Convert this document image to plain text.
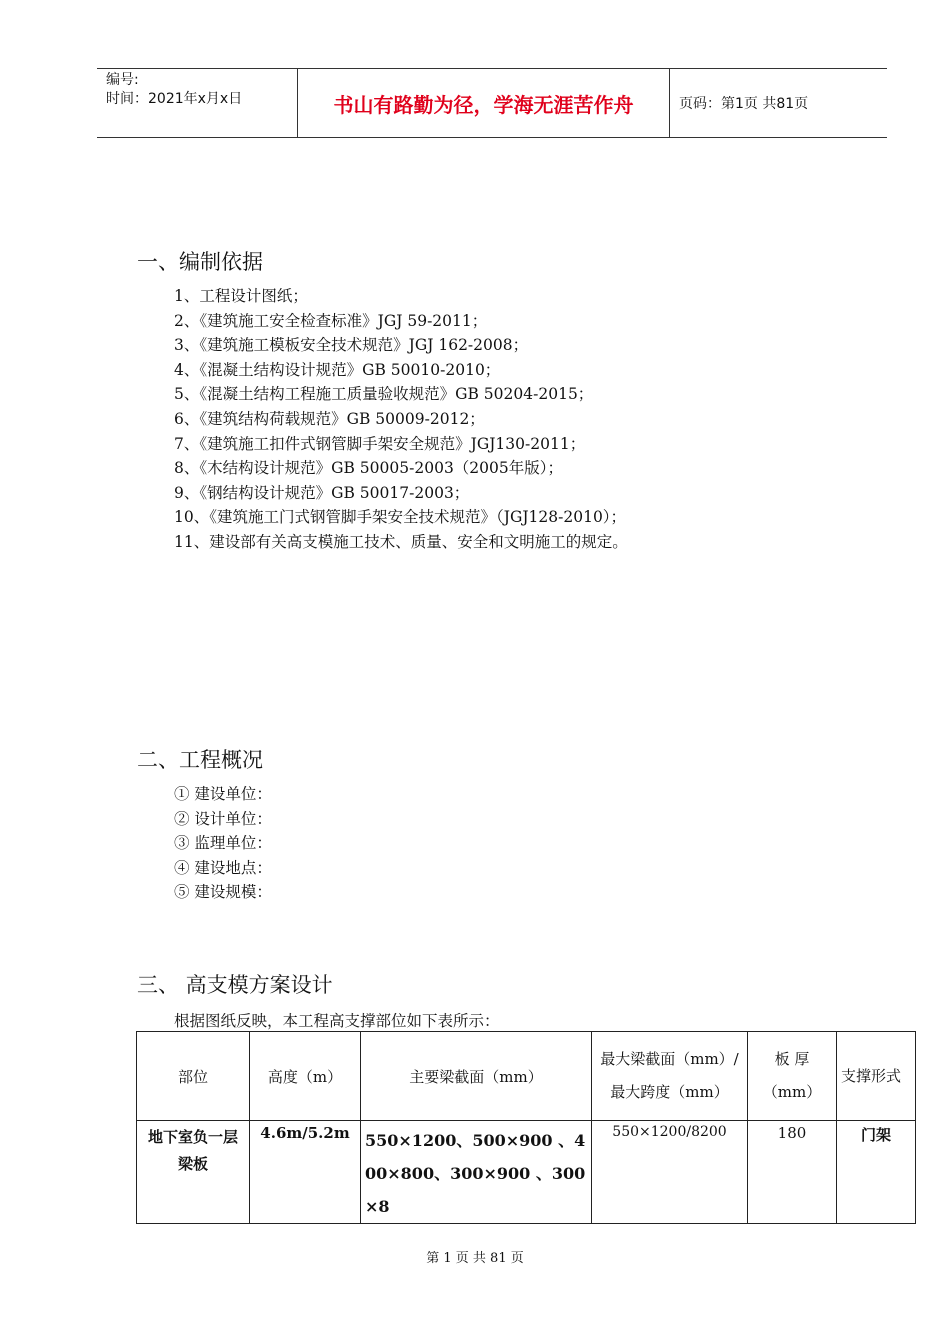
编号:
时间：2021年x月x日	书山有路勤为径，学海无涯苦作舟	页码：第1页 共81页
一、编制依据
1、工程设计图纸；
2、《建筑施工安全检查标准》JGJ 59-2011；
3、《建筑施工模板安全技术规范》JGJ 162-2008；
4、《混凝土结构设计规范》GB 50010-2010；
5、《混凝土结构工程施工质量验收规范》GB 50204-2015；
6、《建筑结构荷载规范》GB 50009-2012；
7、《建筑施工扣件式钢管脚手架安全规范》JGJ130-2011；
8、《木结构设计规范》GB 50005-2003（2005年版）；
9、《钢结构设计规范》GB 50017-2003；
10、《建筑施工门式钢管脚手架安全技术规范》（JGJ128-2010）；
11、建设部有关高支模施工技术、质量、安全和文明施工的规定。
二、工程概况
① 建设单位：
② 设计单位：
③ 监理单位：
④ 建设地点：
⑤ 建设规模：
三、 高支模方案设计
根据图纸反映，本工程高支撑部位如下表所示：
部位	高度（m）	主要梁截面（mm）	最大梁截面（mm）/最大跨度（mm）	板 厚（mm）	支撑形式
地下室负一层梁板	4.6m/5.2m	550×1200、500×900 、400×800、300×900 、300×8	550×1200/8200	180	门架
第 1 页 共 81 页
